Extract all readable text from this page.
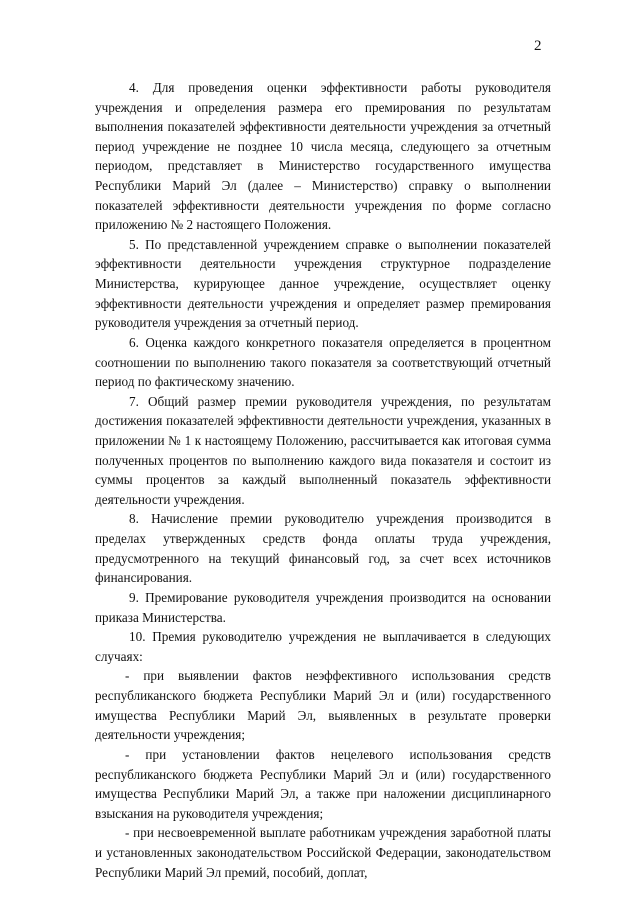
2

4. Для проведения оценки эффективности работы руководителя учреждения и определения размера его премирования по результатам выполнения показателей эффективности деятельности учреждения за отчетный период учреждение не позднее 10 числа месяца, следующего за отчетным периодом, представляет в Министерство государственного имущества Республики Марий Эл (далее – Министерство) справку о выполнении показателей эффективности деятельности учреждения по форме согласно приложению № 2 настоящего Положения.

5. По представленной учреждением справке о выполнении показателей эффективности деятельности учреждения структурное подразделение Министерства, курирующее данное учреждение, осуществляет оценку эффективности деятельности учреждения и определяет размер премирования руководителя учреждения за отчетный период.

6. Оценка каждого конкретного показателя определяется в процентном соотношении по выполнению такого показателя за соответствующий отчетный период по фактическому значению.

7. Общий размер премии руководителя учреждения, по результатам достижения показателей эффективности деятельности учреждения, указанных в приложении № 1 к настоящему Положению, рассчитывается как итоговая сумма полученных процентов по выполнению каждого вида показателя и состоит из суммы процентов за каждый выполненный показатель эффективности деятельности учреждения.

8. Начисление премии руководителю учреждения производится в пределах утвержденных средств фонда оплаты труда учреждения, предусмотренного на текущий финансовый год, за счет всех источников финансирования.

9. Премирование руководителя учреждения производится на основании приказа Министерства.

10. Премия руководителю учреждения не выплачивается в следующих случаях:

- при выявлении фактов неэффективного использования средств республиканского бюджета Республики Марий Эл и (или) государственного имущества Республики Марий Эл, выявленных в результате проверки деятельности учреждения;

- при установлении фактов нецелевого использования средств республиканского бюджета Республики Марий Эл и (или) государственного имущества Республики Марий Эл, а также при наложении дисциплинарного взыскания на руководителя учреждения;

- при несвоевременной выплате работникам учреждения заработной платы и установленных законодательством Российской Федерации, законодательством Республики Марий Эл премий, пособий, доплат,
